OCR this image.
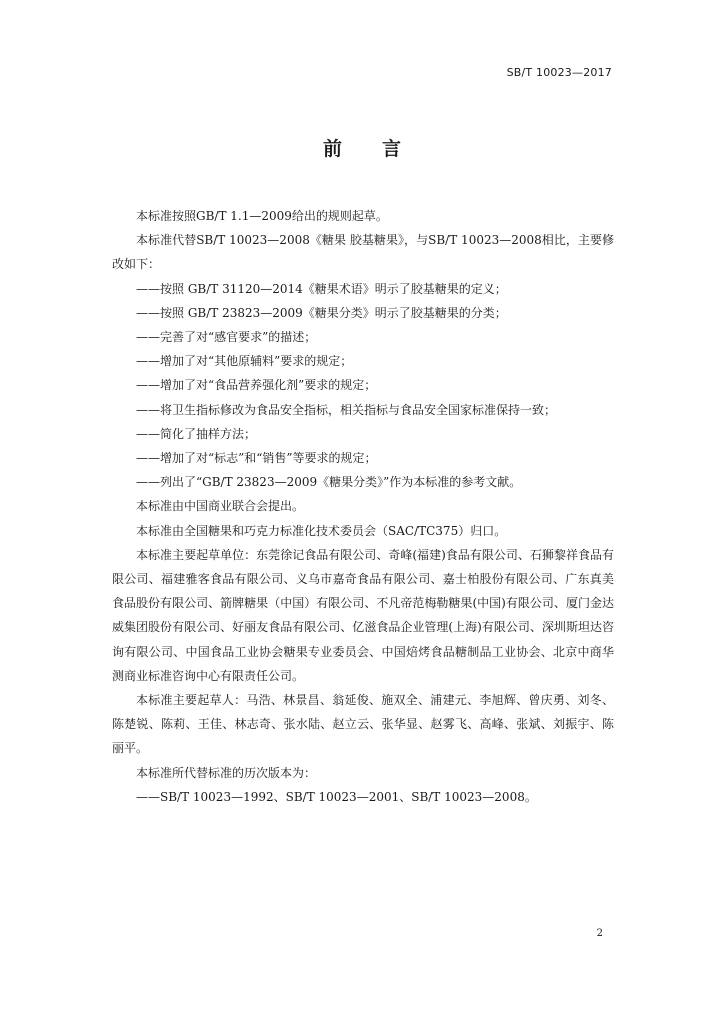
SB/T 10023—2017
前 言

本标准按照GB/T 1.1—2009给出的规则起草。

本标准代替SB/T 10023—2008《糖果 胶基糖果》，与SB/T 10023—2008相比，主要修改如下：

——按照 GB/T 31120—2014《糖果术语》明示了胶基糖果的定义；

——按照 GB/T 23823—2009《糖果分类》明示了胶基糖果的分类；

——完善了对“感官要求”的描述；

——增加了对“其他原辅料”要求的规定；

——增加了对“食品营养强化剂”要求的规定；

——将卫生指标修改为食品安全指标，相关指标与食品安全国家标准保持一致；

——简化了抽样方法；

——增加了对“标志”和“销售”等要求的规定；

——列出了“GB/T 23823—2009《糖果分类》”作为本标准的参考文献。

本标准由中国商业联合会提出。

本标准由全国糖果和巧克力标准化技术委员会（SAC/TC375）归口。

本标准主要起草单位：东莞徐记食品有限公司、奇峰(福建)食品有限公司、石狮黎祥食品有限公司、福建雅客食品有限公司、义乌市嘉奇食品有限公司、嘉士柏股份有限公司、广东真美食品股份有限公司、箭牌糖果（中国）有限公司、不凡帝范梅勒糖果(中国)有限公司、厦门金达威集团股份有限公司、好丽友食品有限公司、亿滋食品企业管理(上海)有限公司、深圳斯坦达咨询有限公司、中国食品工业协会糖果专业委员会、中国焙烤食品糖制品工业协会、北京中商华测商业标准咨询中心有限责任公司。

本标准主要起草人：马浩、林景昌、翁延俊、施双全、浦建元、李旭辉、曾庆勇、刘冬、陈楚锐、陈莉、王佳、林志奇、张水陆、赵立云、张华显、赵雾飞、高峰、张斌、刘振宇、陈丽平。

本标准所代替标准的历次版本为：

——SB/T 10023—1992、SB/T 10023—2001、SB/T 10023—2008。

2
